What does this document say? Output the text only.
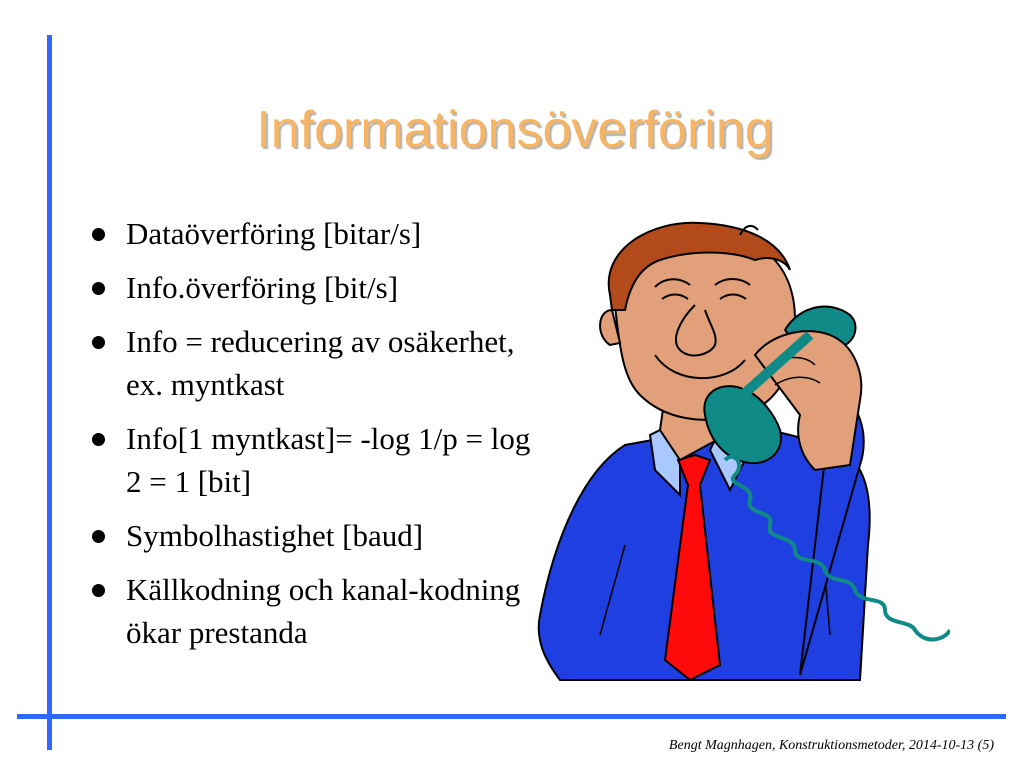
Informationsöverföring
Dataöverföring [bitar/s]
Info.överföring [bit/s]
Info = reducering av osäkerhet, ex. myntkast
Info[1 myntkast]= -log 1/p = log 2 = 1 [bit]
Symbolhastighet [baud]
Källkodning och kanal-kodning ökar prestanda
Bengt Magnhagen, Konstruktionsmetoder, 2014-10-13 (5)
